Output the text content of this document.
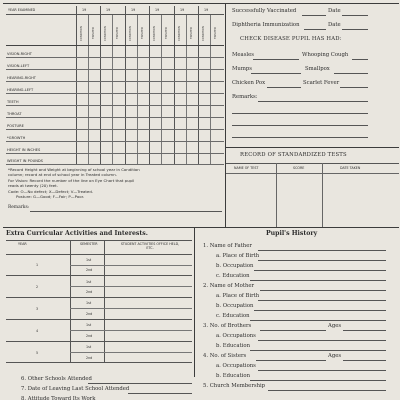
YEAR EXAMINED	19	19	19	19	19	19
CONDITION	TREATED	CONDITION	TREATED	CONDITION	TREATED	CONDITION	TREATED	CONDITION	TREATED	CONDITION	TREATED
VISION-RIGHT
VISION-LEFT
HEARING-RIGHT
HEARING-LEFT
TEETH
THROAT
POSTURE
*GROWTH
HEIGHT IN INCHES
WEIGHT IN POUNDS
*Record Height and Weight at beginning of school year in Condition
column; record at end of school year in Treated column.
For Vision: Record the number of the line on Eye Chart that pupil
reads at twenty (20) feet.
Code: O—No defect; X—Defect; V—Treated.
Posture: G—Good; F—Fair; P—Poor.
Remarks:
Successfully Vaccinated	Date
Diphtheria Immunization	Date
CHECK DISEASE PUPIL HAS HAD:
Measles	Whooping Cough
Mumps	Smallpox
Chicken Pox	Scarlet Fever
Remarks:
RECORD OF STANDARDIZED TESTS
NAME OF TEST	SCORE	DATE TAKEN
Extra Curricular Activities and Interests.
YEAR	SEMESTER	STUDENT ACTIVITIES OFFICE HELD, ETC.
1
1st
2nd
2
1st
2nd
3
1st
2nd
4
1st
2nd
5
1st
2nd
Pupil's History
1. Name of Father
a. Place of Birth
b. Occupation
c. Education
2. Name of Mother
a. Place of Birth
b. Occupation
c. Education
3. No. of Brothers	Ages
a. Occupations
b. Education
4. No. of Sisters	Ages
a. Occupations
b. Education
5. Church Membership
6. Other Schools Attended
7. Date of Leaving Last School Attended
8. Attitude Toward Its Work
